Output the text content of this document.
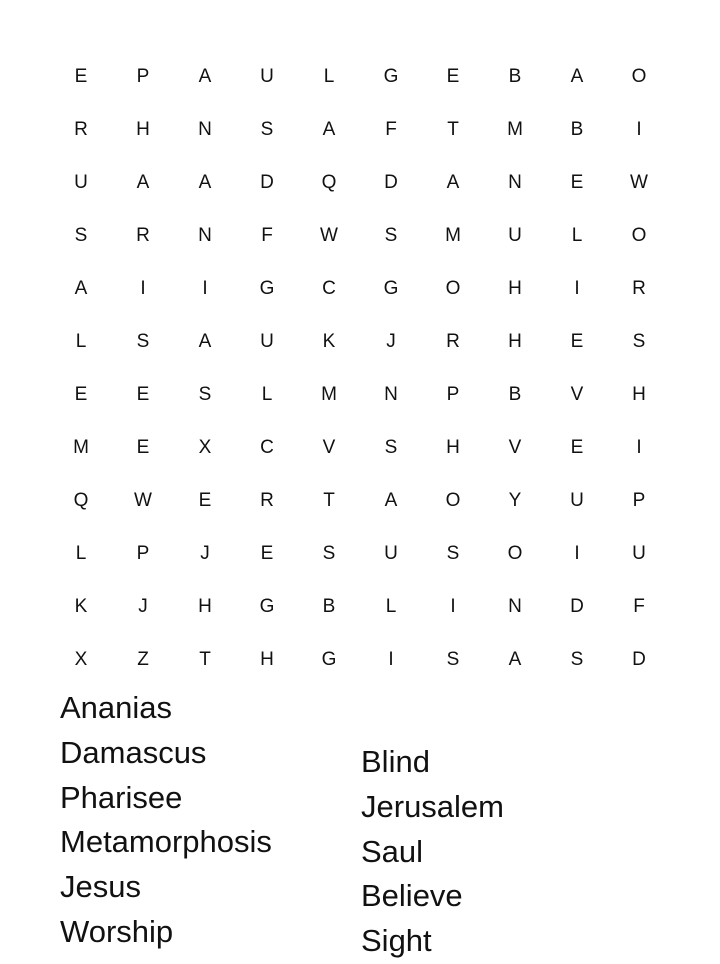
E	P	A	U	L	G	E	B	A	O
R	H	N	S	A	F	T	M	B	I
U	A	A	D	Q	D	A	N	E	W
S	R	N	F	W	S	M	U	L	O
A	I	I	G	C	G	O	H	I	R
L	S	A	U	K	J	R	H	E	S
E	E	S	L	M	N	P	B	V	H
M	E	X	C	V	S	H	V	E	I
Q	W	E	R	T	A	O	Y	U	P
L	P	J	E	S	U	S	O	I	U
K	J	H	G	B	L	I	N	D	F
X	Z	T	H	G	I	S	A	S	D
Ananias
Damascus
Pharisee
Metamorphosis
Jesus
Worship
Blind
Jerusalem
Saul
Believe
Sight
